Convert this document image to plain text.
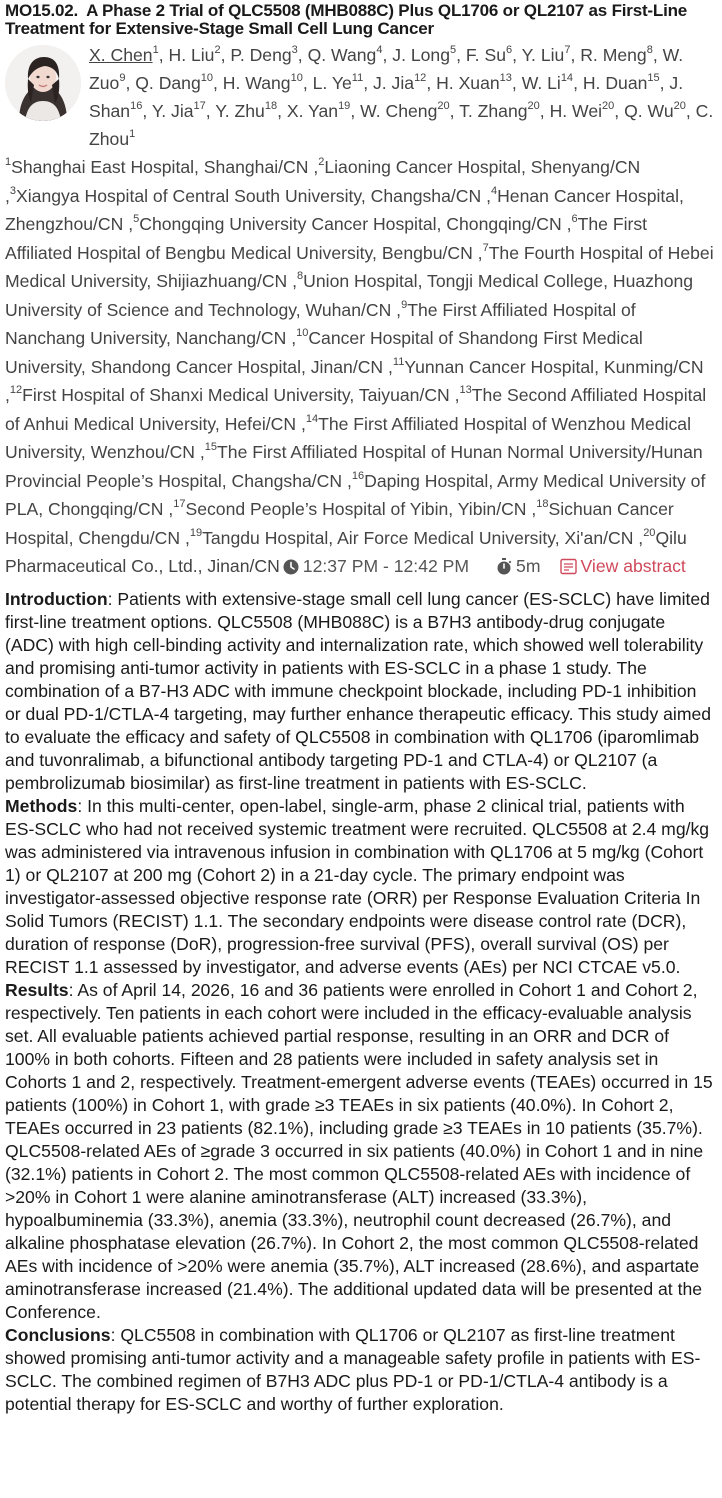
MO15.02. A Phase 2 Trial of QLC5508 (MHB088C) Plus QL1706 or QL2107 as First-Line Treatment for Extensive-Stage Small Cell Lung Cancer
X. Chen$^1$, H. Liu$^2$, P. Deng$^3$, Q. Wang$^4$, J. Long$^5$, F. Su$^6$, Y. Liu$^7$, R. Meng$^8$, W. Zuo$^9$, Q. Dang$^{10}$, H. Wang$^{10}$, L. Ye$^{11}$, J. Jia$^{12}$, H. Xuan$^{13}$, W. Li$^{14}$, H. Duan$^{15}$, J. Shan$^{16}$, Y. Jia$^{17}$, Y. Zhu$^{18}$, X. Yan$^{19}$, W. Cheng$^{20}$, T. Zhang$^{20}$, H. Wei$^{20}$, Q. Wu$^{20}$, C. Zhou$^1$
$^1$Shanghai East Hospital, Shanghai/CN ,$^2$Liaoning Cancer Hospital, Shenyang/CN ,$^3$Xiangya Hospital of Central South University, Changsha/CN ,$^4$Henan Cancer Hospital, Zhengzhou/CN ,$^5$Chongqing University Cancer Hospital, Chongqing/CN ,$^6$The First Affiliated Hospital of Bengbu Medical University, Bengbu/CN ,$^7$The Fourth Hospital of Hebei Medical University, Shijiazhuang/CN ,$^8$Union Hospital, Tongji Medical College, Huazhong University of Science and Technology, Wuhan/CN ,$^9$The First Affiliated Hospital of Nanchang University, Nanchang/CN ,$^{10}$Cancer Hospital of Shandong First Medical University, Shandong Cancer Hospital, Jinan/CN ,$^{11}$Yunnan Cancer Hospital, Kunming/CN ,$^{12}$First Hospital of Shanxi Medical University, Taiyuan/CN ,$^{13}$The Second Affiliated Hospital of Anhui Medical University, Hefei/CN ,$^{14}$The First Affiliated Hospital of Wenzhou Medical University, Wenzhou/CN ,$^{15}$The First Affiliated Hospital of Hunan Normal University/Hunan Provincial People’s Hospital, Changsha/CN ,$^{16}$Daping Hospital, Army Medical University of PLA, Chongqing/CN ,$^{17}$Second People’s Hospital of Yibin, Yibin/CN ,$^{18}$Sichuan Cancer Hospital, Chengdu/CN ,$^{19}$Tangdu Hospital, Air Force Medical University, Xi'an/CN ,$^{20}$Qilu Pharmaceutical Co., Ltd., Jinan/CN 12:37 PM - 12:42 PM	5m View abstract

Introduction: Patients with extensive-stage small cell lung cancer (ES-SCLC) have limited first-line treatment options. QLC5508 (MHB088C) is a B7H3 antibody-drug conjugate (ADC) with high cell-binding activity and internalization rate, which showed well tolerability and promising anti-tumor activity in patients with ES-SCLC in a phase 1 study. The combination of a B7-H3 ADC with immune checkpoint blockade, including PD-1 inhibition or dual PD-1/CTLA-4 targeting, may further enhance therapeutic efficacy. This study aimed to evaluate the efficacy and safety of QLC5508 in combination with QL1706 (iparomlimab and tuvonralimab, a bifunctional antibody targeting PD-1 and CTLA-4) or QL2107 (a pembrolizumab biosimilar) as first-line treatment in patients with ES-SCLC.

Methods: In this multi-center, open-label, single-arm, phase 2 clinical trial, patients with ES-SCLC who had not received systemic treatment were recruited. QLC5508 at 2.4 mg/kg was administered via intravenous infusion in combination with QL1706 at 5 mg/kg (Cohort 1) or QL2107 at 200 mg (Cohort 2) in a 21-day cycle. The primary endpoint was investigator-assessed objective response rate (ORR) per Response Evaluation Criteria In Solid Tumors (RECIST) 1.1. The secondary endpoints were disease control rate (DCR), duration of response (DoR), progression-free survival (PFS), overall survival (OS) per RECIST 1.1 assessed by investigator, and adverse events (AEs) per NCI CTCAE v5.0.

Results: As of April 14, 2026, 16 and 36 patients were enrolled in Cohort 1 and Cohort 2, respectively. Ten patients in each cohort were included in the efficacy-evaluable analysis set. All evaluable patients achieved partial response, resulting in an ORR and DCR of 100% in both cohorts. Fifteen and 28 patients were included in safety analysis set in Cohorts 1 and 2, respectively. Treatment-emergent adverse events (TEAEs) occurred in 15 patients (100%) in Cohort 1, with grade ≥3 TEAEs in six patients (40.0%). In Cohort 2, TEAEs occurred in 23 patients (82.1%), including grade ≥3 TEAEs in 10 patients (35.7%). QLC5508-related AEs of ≥grade 3 occurred in six patients (40.0%) in Cohort 1 and in nine (32.1%) patients in Cohort 2. The most common QLC5508-related AEs with incidence of >20% in Cohort 1 were alanine aminotransferase (ALT) increased (33.3%), hypoalbuminemia (33.3%), anemia (33.3%), neutrophil count decreased (26.7%), and alkaline phosphatase elevation (26.7%). In Cohort 2, the most common QLC5508-related AEs with incidence of >20% were anemia (35.7%), ALT increased (28.6%), and aspartate aminotransferase increased (21.4%). The additional updated data will be presented at the Conference.

Conclusions: QLC5508 in combination with QL1706 or QL2107 as first-line treatment showed promising anti-tumor activity and a manageable safety profile in patients with ES-SCLC. The combined regimen of B7H3 ADC plus PD-1 or PD-1/CTLA-4 antibody is a potential therapy for ES-SCLC and worthy of further exploration.
